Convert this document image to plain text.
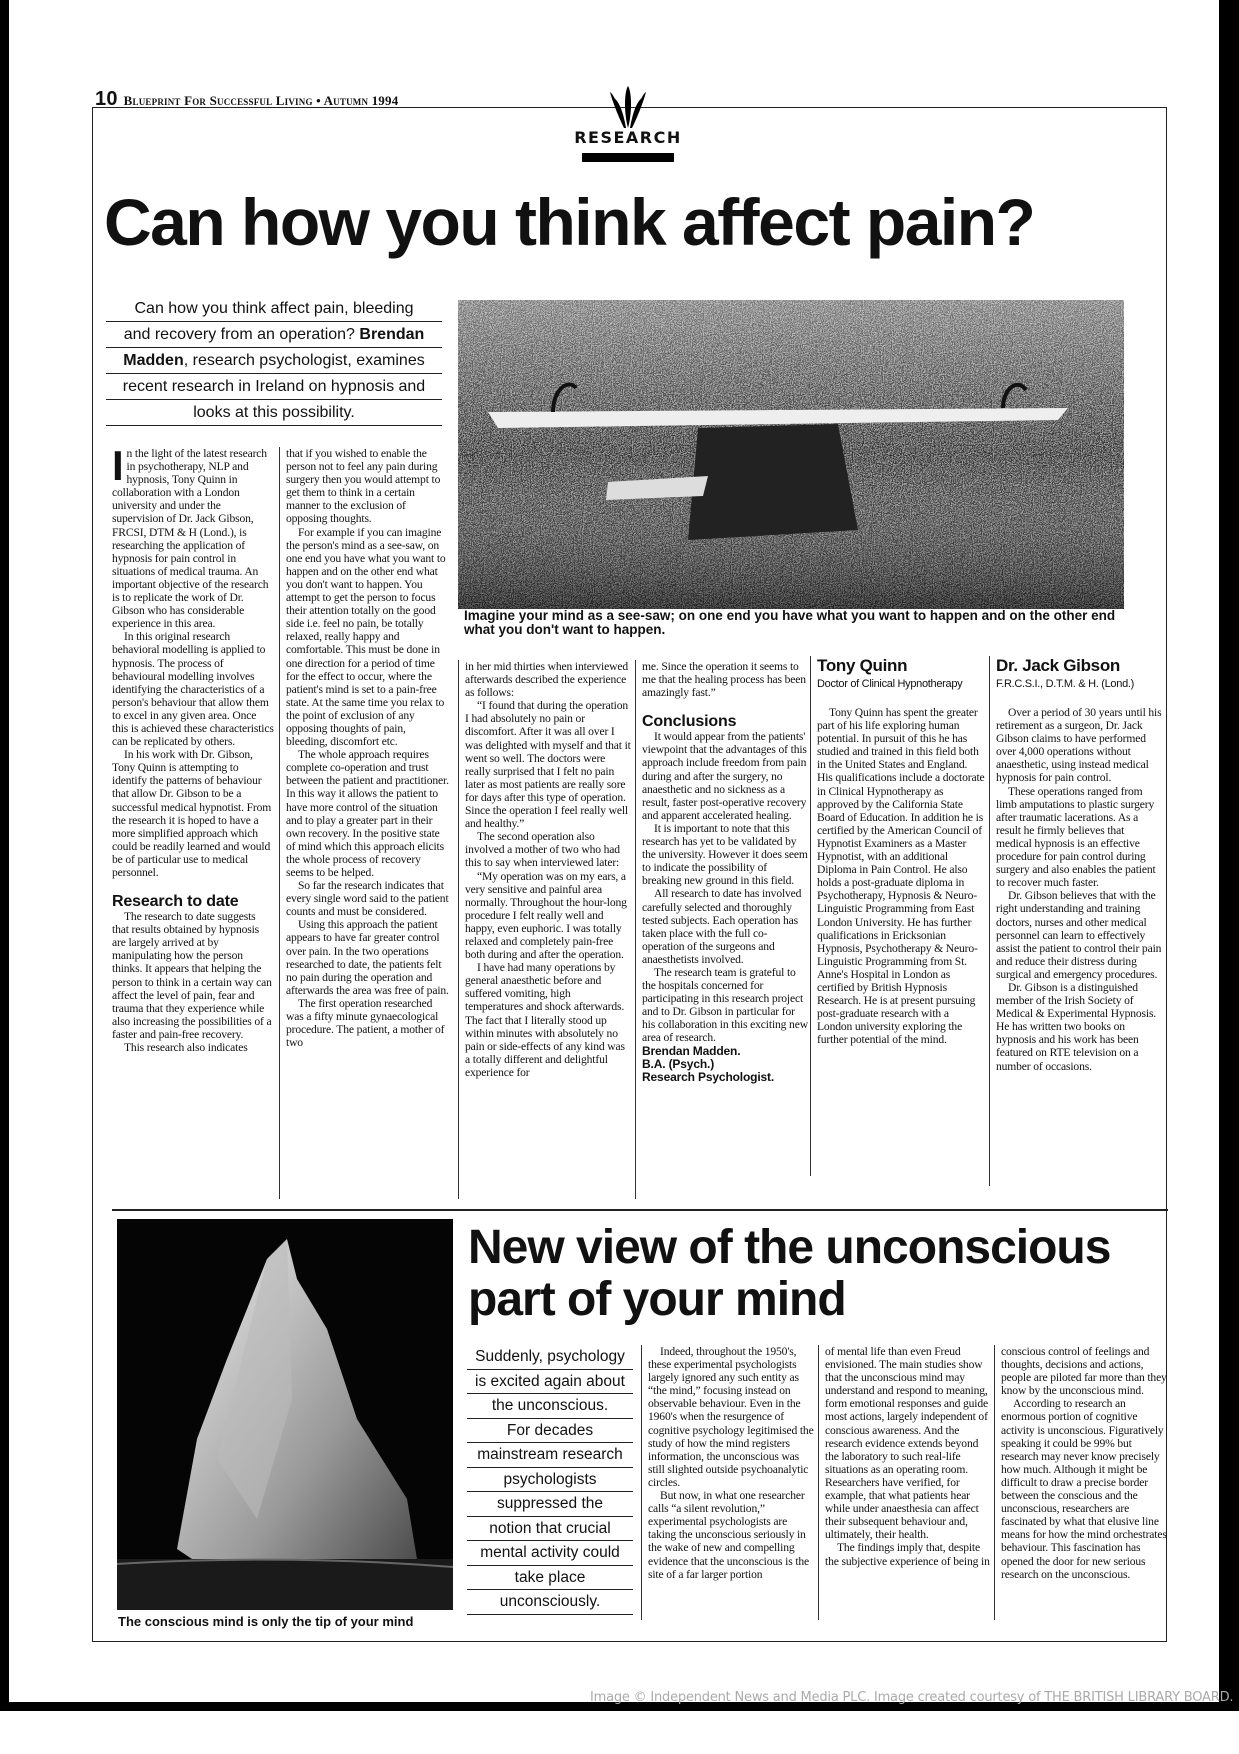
10 Blueprint For Successful Living • Autumn 1994
RESEARCH
Can how you think affect pain?
Can how you think affect pain, bleeding
and recovery from an operation? Brendan
Madden, research psychologist, examines
recent research in Ireland on hypnosis and
looks at this possibility.
Imagine your mind as a see-saw; on one end you have what you want to happen and on the other end what you don't want to happen.

In the light of the latest research in psychotherapy, NLP and hypnosis, Tony Quinn in collaboration with a London university and under the supervision of Dr. Jack Gibson, FRCSI, DTM & H (Lond.), is researching the application of hypnosis for pain control in situations of medical trauma. An important objective of the research is to replicate the work of Dr. Gibson who has considerable experience in this area.

In this original research behavioral modelling is applied to hypnosis. The process of behavioural modelling involves identifying the characteristics of a person's behaviour that allow them to excel in any given area. Once this is achieved these characteristics can be replicated by others.

In his work with Dr. Gibson, Tony Quinn is attempting to identify the patterns of behaviour that allow Dr. Gibson to be a successful medical hypnotist. From the research it is hoped to have a more simplified approach which could be readily learned and would be of particular use to medical personnel.

Research to date

The research to date suggests that results obtained by hypnosis are largely arrived at by manipulating how the person thinks. It appears that helping the person to think in a certain way can affect the level of pain, fear and trauma that they experience while also increasing the possibilities of a faster and pain-free recovery.

This research also indicates

that if you wished to enable the person not to feel any pain during surgery then you would attempt to get them to think in a certain manner to the exclusion of opposing thoughts.

For example if you can imagine the person's mind as a see-saw, on one end you have what you want to happen and on the other end what you don't want to happen. You attempt to get the person to focus their attention totally on the good side i.e. feel no pain, be totally relaxed, really happy and comfortable. This must be done in one direction for a period of time for the effect to occur, where the patient's mind is set to a pain-free state. At the same time you relax to the point of exclusion of any opposing thoughts of pain, bleeding, discomfort etc.

The whole approach requires complete co-operation and trust between the patient and practitioner. In this way it allows the patient to have more control of the situation and to play a greater part in their own recovery. In the positive state of mind which this approach elicits the whole process of recovery seems to be helped.

So far the research indicates that every single word said to the patient counts and must be considered.

Using this approach the patient appears to have far greater control over pain. In the two operations researched to date, the patients felt no pain during the operation and afterwards the area was free of pain.

The first operation researched was a fifty minute gynaecological procedure. The patient, a mother of two

in her mid thirties when interviewed afterwards described the experience as follows:

“I found that during the operation I had absolutely no pain or discomfort. After it was all over I was delighted with myself and that it went so well. The doctors were really surprised that I felt no pain later as most patients are really sore for days after this type of operation. Since the operation I feel really well and healthy.”

The second operation also involved a mother of two who had this to say when interviewed later:

“My operation was on my ears, a very sensitive and painful area normally. Throughout the hour-long procedure I felt really well and happy, even euphoric. I was totally relaxed and completely pain-free both during and after the operation.

I have had many operations by general anaesthetic before and suffered vomiting, high temperatures and shock afterwards. The fact that I literally stood up within minutes with absolutely no pain or side-effects of any kind was a totally different and delightful experience for

me. Since the operation it seems to me that the healing process has been amazingly fast.”

Conclusions

It would appear from the patients' viewpoint that the advantages of this approach include freedom from pain during and after the surgery, no anaesthetic and no sickness as a result, faster post-operative recovery and apparent accelerated healing.

It is important to note that this research has yet to be validated by the university. However it does seem to indicate the possibility of breaking new ground in this field.

All research to date has involved carefully selected and thoroughly tested subjects. Each operation has taken place with the full co-operation of the surgeons and anaesthetists involved.

The research team is grateful to the hospitals concerned for participating in this research project and to Dr. Gibson in particular for his collaboration in this exciting new area of research.

Brendan Madden.
B.A. (Psych.)
Research Psychologist.
Tony Quinn
Doctor of Clinical Hypnotherapy

Tony Quinn has spent the greater part of his life exploring human potential. In pursuit of this he has studied and trained in this field both in the United States and England. His qualifications include a doctorate in Clinical Hypnotherapy as approved by the California State Board of Education. In addition he is certified by the American Council of Hypnotist Examiners as a Master Hypnotist, with an additional Diploma in Pain Control. He also holds a post-graduate diploma in Psychotherapy, Hypnosis & Neuro-Linguistic Programming from East London University. He has further qualifications in Ericksonian Hypnosis, Psychotherapy & Neuro-Linguistic Programming from St. Anne's Hospital in London as certified by British Hypnosis Research. He is at present pursuing post-graduate research with a London university exploring the further potential of the mind.

Dr. Jack Gibson
F.R.C.S.I., D.T.M. & H. (Lond.)

Over a period of 30 years until his retirement as a surgeon, Dr. Jack Gibson claims to have performed over 4,000 operations without anaesthetic, using instead medical hypnosis for pain control.

These operations ranged from limb amputations to plastic surgery after traumatic lacerations. As a result he firmly believes that medical hypnosis is an effective procedure for pain control during surgery and also enables the patient to recover much faster.

Dr. Gibson believes that with the right understanding and training doctors, nurses and other medical personnel can learn to effectively assist the patient to control their pain and reduce their distress during surgical and emergency procedures.

Dr. Gibson is a distinguished member of the Irish Society of Medical & Experimental Hypnosis. He has written two books on hypnosis and his work has been featured on RTE television on a number of occasions.

The conscious mind is only the tip of your mind
New view of the unconscious part of your mind
Suddenly, psychology
is excited again about
the unconscious.
For decades
mainstream research
psychologists
suppressed the
notion that crucial
mental activity could
take place
unconsciously.

Indeed, throughout the 1950's, these experimental psychologists largely ignored any such entity as “the mind,” focusing instead on observable behaviour. Even in the 1960's when the resurgence of cognitive psychology legitimised the study of how the mind registers information, the unconscious was still slighted outside psychoanalytic circles.

But now, in what one researcher calls “a silent revolution,” experimental psychologists are taking the unconscious seriously in the wake of new and compelling evidence that the unconscious is the site of a far larger portion

of mental life than even Freud envisioned. The main studies show that the unconscious mind may understand and respond to meaning, form emotional responses and guide most actions, largely independent of conscious awareness. And the research evidence extends beyond the laboratory to such real-life situations as an operating room. Researchers have verified, for example, that what patients hear while under anaesthesia can affect their subsequent behaviour and, ultimately, their health.

The findings imply that, despite the subjective experience of being in

conscious control of feelings and thoughts, decisions and actions, people are piloted far more than they know by the unconscious mind.

According to research an enormous portion of cognitive activity is unconscious. Figuratively speaking it could be 99% but research may never know precisely how much. Although it might be difficult to draw a precise border between the conscious and the unconscious, researchers are fascinated by what that elusive line means for how the mind orchestrates behaviour. This fascination has opened the door for new serious research on the unconscious.

Image © Independent News and Media PLC. Image created courtesy of THE BRITISH LIBRARY BOARD.
